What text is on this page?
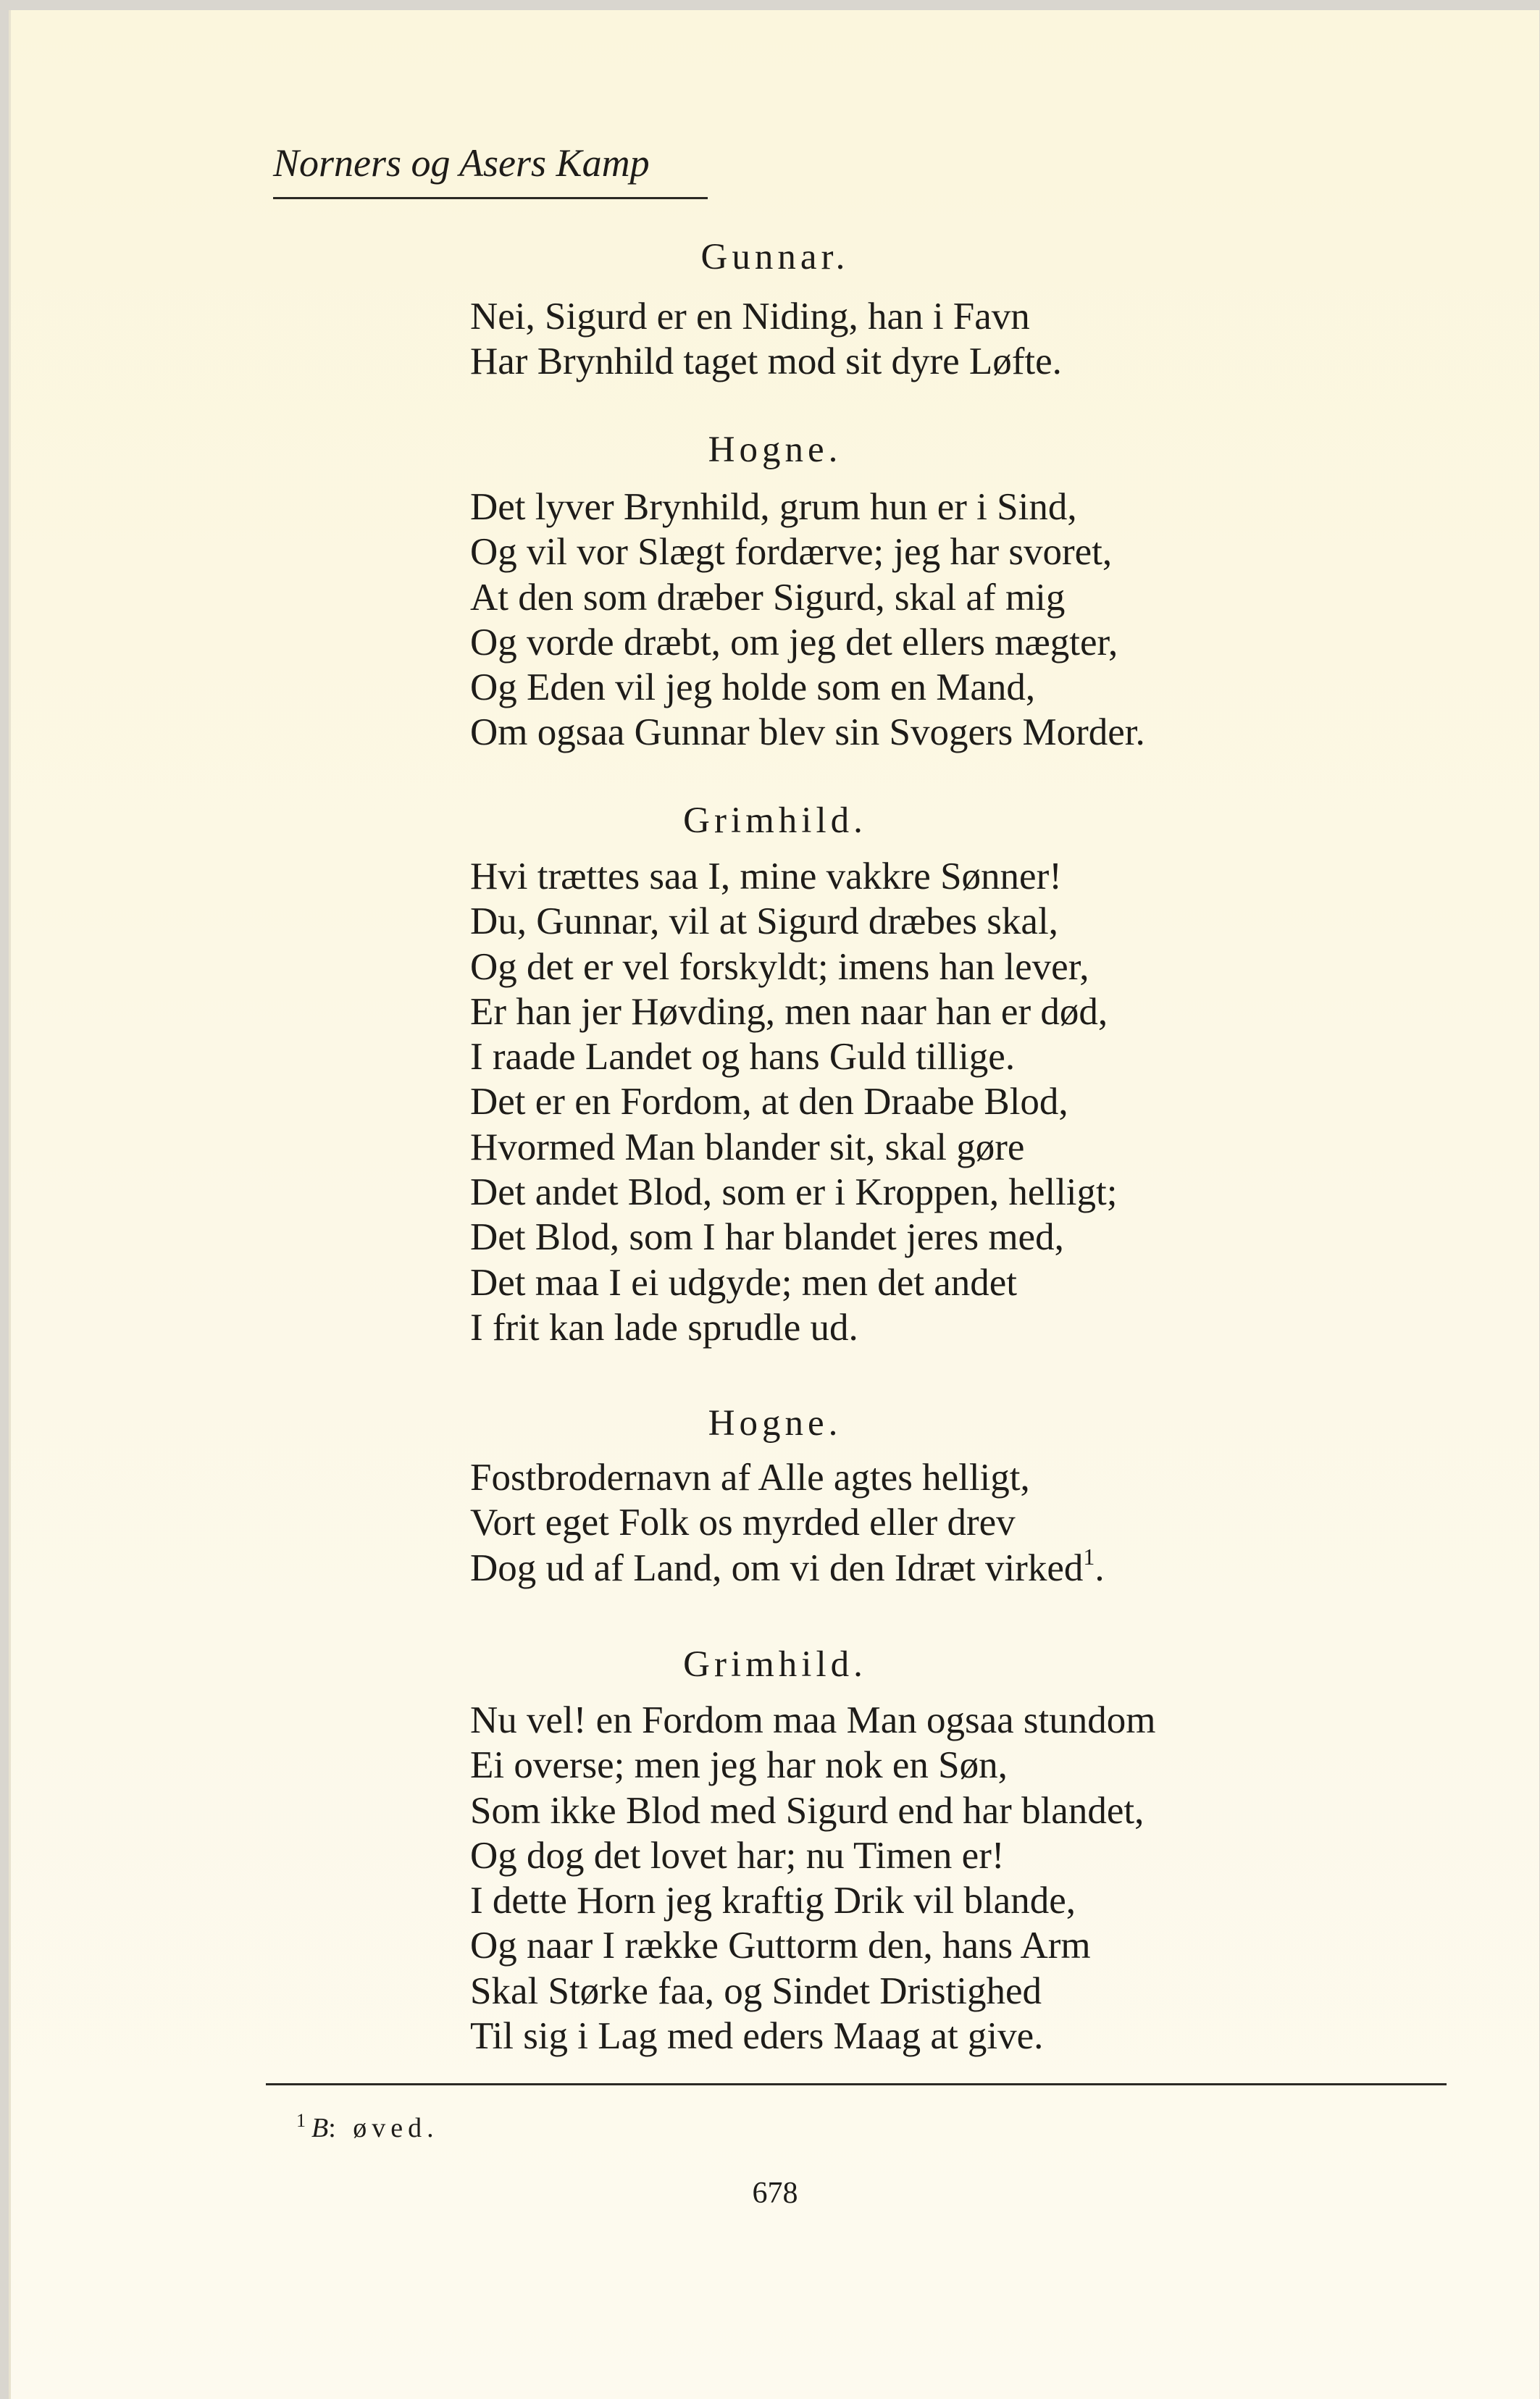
Norners og Asers Kamp
Gunnar.
Nei, Sigurd er en Niding, han i Favn
Har Brynhild taget mod sit dyre Løfte.
Hogne.
Det lyver Brynhild, grum hun er i Sind,
Og vil vor Slægt fordærve; jeg har svoret,
At den som dræber Sigurd, skal af mig
Og vorde dræbt, om jeg det ellers mægter,
Og Eden vil jeg holde som en Mand,
Om ogsaa Gunnar blev sin Svogers Morder.
Grimhild.
Hvi trættes saa I, mine vakkre Sønner!
Du, Gunnar, vil at Sigurd dræbes skal,
Og det er vel forskyldt; imens han lever,
Er han jer Høvding, men naar han er død,
I raade Landet og hans Guld tillige.
Det er en Fordom, at den Draabe Blod,
Hvormed Man blander sit, skal gøre
Det andet Blod, som er i Kroppen, helligt;
Det Blod, som I har blandet jeres med,
Det maa I ei udgyde; men det andet
I frit kan lade sprudle ud.
Hogne.
Fostbrodernavn af Alle agtes helligt,
Vort eget Folk os myrded eller drev
Dog ud af Land, om vi den Idræt virked$^1$.
Grimhild.
Nu vel! en Fordom maa Man ogsaa stundom
Ei overse; men jeg har nok en Søn,
Som ikke Blod med Sigurd end har blandet,
Og dog det lovet har; nu Timen er!
I dette Horn jeg kraftig Drik vil blande,
Og naar I række Guttorm den, hans Arm
Skal Størke faa, og Sindet Dristighed
Til sig i Lag med eders Maag at give.
$^1$ B: øved.
678
